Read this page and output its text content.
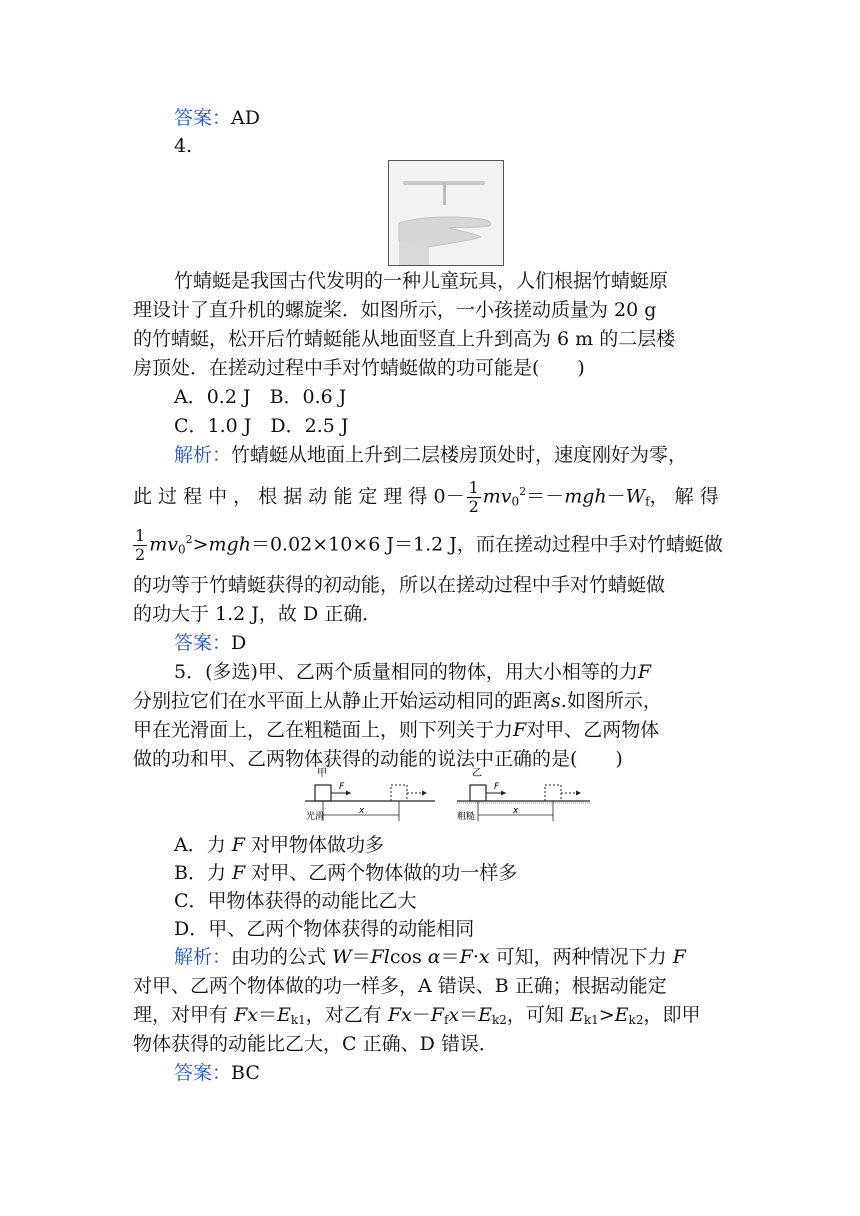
答案：AD
4.
竹蜻蜓是我国古代发明的一种儿童玩具，人们根据竹蜻蜓原
理设计了直升机的螺旋桨．如图所示，一小孩搓动质量为 20 g
的竹蜻蜓，松开后竹蜻蜓能从地面竖直上升到高为 6 m 的二层楼
房顶处．在搓动过程中手对竹蜻蜓做的功可能是(　　)
A．0.2 J　B．0.6 J
C．1.0 J　D．2.5 J
解析：竹蜻蜓从地面上升到二层楼房顶处时，速度刚好为零，
此 过 程 中 ， 根 据 动 能 定 理 得 $0- \frac{1}{2} mv_0^2=-mgh-W_f$， 解 得
$\frac{1}{2} mv_0^2>mgh=0.02\times 10\times 6$ J＝1.2 J，而在搓动过程中手对竹蜻蜓做
的功等于竹蜻蜓获得的初动能，所以在搓动过程中手对竹蜻蜓做
的功大于 1.2 J，故 D 正确．
答案：D
5．(多选)甲、乙两个质量相同的物体，用大小相等的力F
分别拉它们在水平面上从静止开始运动相同的距离s.如图所示，
甲在光滑面上，乙在粗糙面上，则下列关于力F对甲、乙两物体
做的功和甲、乙两物体获得的动能的说法中正确的是(　　)
甲
F
光滑
x
乙
F
粗糙
x
A．力 F 对甲物体做功多
B．力 F 对甲、乙两个物体做的功一样多
C．甲物体获得的动能比乙大
D．甲、乙两个物体获得的动能相同
解析：由功的公式 W＝Flcos α＝F·x 可知，两种情况下力 F
对甲、乙两个物体做的功一样多，A 错误、B 正确；根据动能定
理，对甲有 $Fx=E_{k1}$，对乙有 $Fx-F_fx=E_{k2}$，可知 $E_{k1}>E_{k2}$，即甲
物体获得的动能比乙大，C 正确、D 错误．
答案：BC
